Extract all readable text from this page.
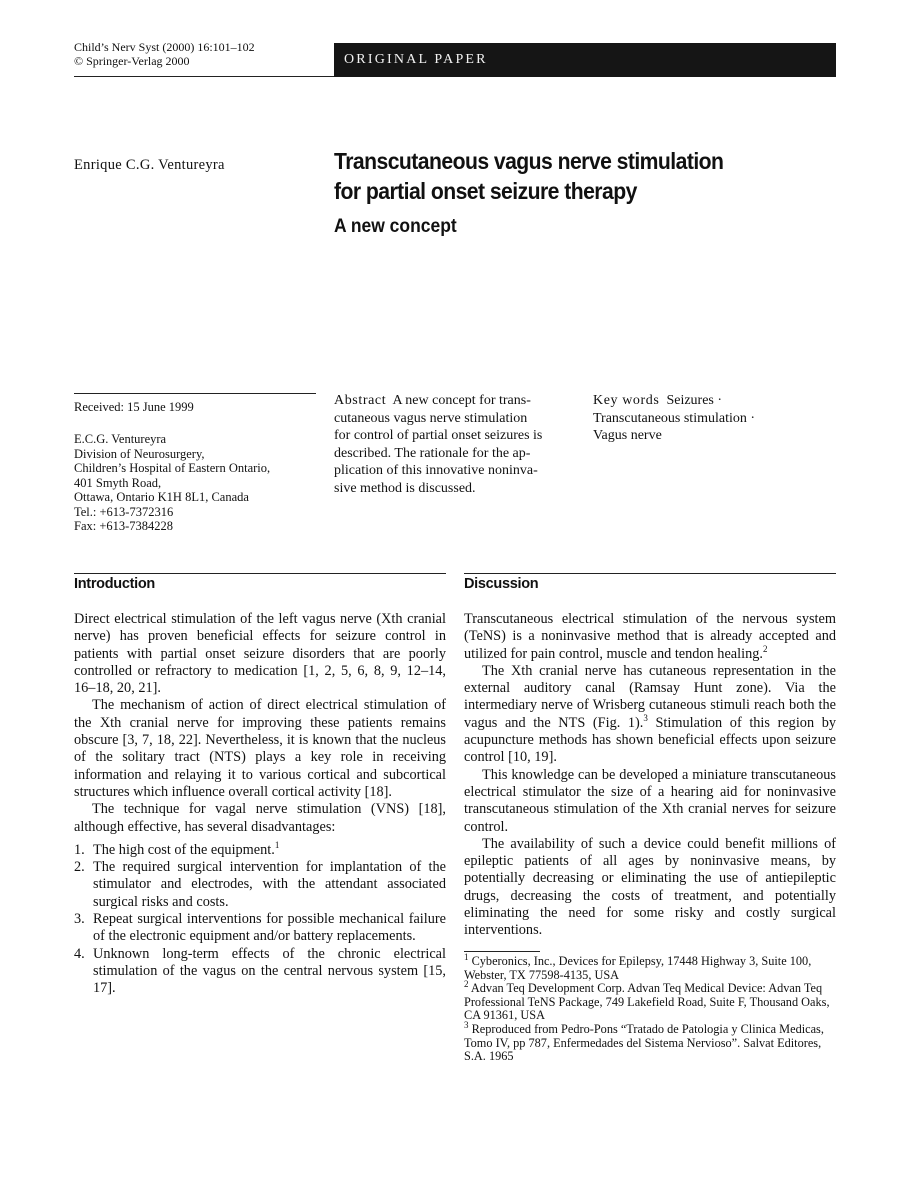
Child’s Nerv Syst (2000) 16:101–102
© Springer-Verlag 2000	ORIGINAL PAPER
Enrique C.G. Ventureyra	Transcutaneous vagus nerve stimulation
for partial onset seizure therapy
A new concept
Received: 15 June 1999
E.C.G. Ventureyra
Division of Neurosurgery,
Children’s Hospital of Eastern Ontario,
401 Smyth Road,
Ottawa, Ontario K1H 8L1, Canada
Tel.: +613-7372316
Fax: +613-7384228
Abstract A new concept for trans-
cutaneous vagus nerve stimulation
for control of partial onset seizures is
described. The rationale for the ap-
plication of this innovative noninva-
sive method is discussed.
Key words Seizures ·
Transcutaneous stimulation ·
Vagus nerve
Introduction

Direct electrical stimulation of the left vagus nerve (Xth cranial nerve) has proven beneficial effects for seizure control in patients with partial onset seizure disorders that are poorly controlled or refractory to medication [1, 2, 5, 6, 8, 9, 12–14, 16–18, 20, 21].

The mechanism of action of direct electrical stimulation of the Xth cranial nerve for improving these patients remains obscure [3, 7, 18, 22]. Nevertheless, it is known that the nucleus of the solitary tract (NTS) plays a key role in receiving information and relaying it to various cortical and subcortical structures which influence overall cortical activity [18].

The technique for vagal nerve stimulation (VNS) [18], although effective, has several disadvantages:

1. The high cost of the equipment.$^1$
2. The required surgical intervention for implantation of the stimulator and electrodes, with the attendant associated surgical risks and costs.
3. Repeat surgical interventions for possible mechanical failure of the electronic equipment and/or battery replacements.
4. Unknown long-term effects of the chronic electrical stimulation of the vagus on the central nervous system [15, 17].
Discussion

Transcutaneous electrical stimulation of the nervous system (TeNS) is a noninvasive method that is already accepted and utilized for pain control, muscle and tendon healing.$^2$

The Xth cranial nerve has cutaneous representation in the external auditory canal (Ramsay Hunt zone). Via the intermediary nerve of Wrisberg cutaneous stimuli reach both the vagus and the NTS (Fig. 1).$^3$ Stimulation of this region by acupuncture methods has shown beneficial effects upon seizure control [10, 19].

This knowledge can be developed a miniature transcutaneous electrical stimulator the size of a hearing aid for noninvasive transcutaneous stimulation of the Xth cranial nerves for seizure control.

The availability of such a device could benefit millions of epileptic patients of all ages by noninvasive means, by potentially decreasing or eliminating the use of antiepileptic drugs, decreasing the costs of treatment, and potentially eliminating the need for some risky and costly surgical interventions.

$^1$ Cyberonics, Inc., Devices for Epilepsy, 17448 Highway 3, Suite 100, Webster, TX 77598-4135, USA

$^2$ Advan Teq Development Corp. Advan Teq Medical Device: Advan Teq Professional TeNS Package, 749 Lakefield Road, Suite F, Thousand Oaks, CA 91361, USA

$^3$ Reproduced from Pedro-Pons “Tratado de Patologia y Clinica Medicas, Tomo IV, pp 787, Enfermedades del Sistema Nervioso”. Salvat Editores, S.A. 1965
